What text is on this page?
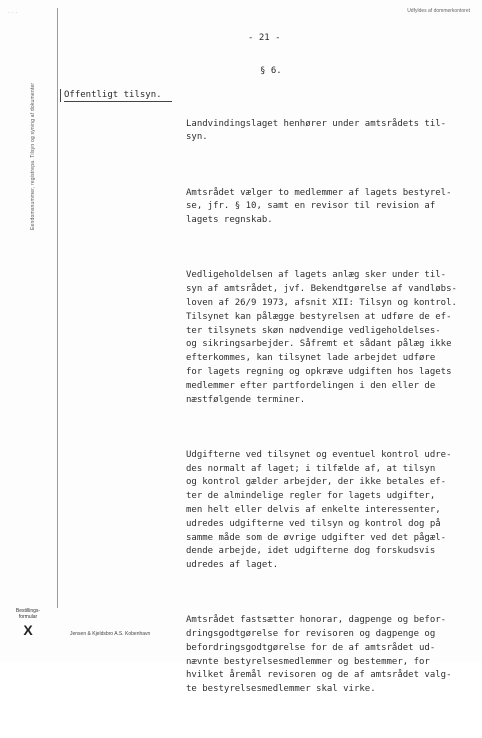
· · ·	Udfyldes af dommerkontoret
Eendomsnummer, registrepa. Tilsyn og syning af dokumenter
- 21 -
§ 6.
Offentligt tilsyn.

Landvindingslaget henhører under amtsrådets til-
syn.

Amtsrådet vælger to medlemmer af lagets bestyrel-
se, jfr. § 10, samt en revisor til revision af
lagets regnskab.

Vedligeholdelsen af lagets anlæg sker under til-
syn af amtsrådet, jvf. Bekendtgørelse af vandløbs-
loven af 26/9 1973, afsnit XII: Tilsyn og kontrol.
Tilsynet kan pålægge bestyrelsen at udføre de ef-
ter tilsynets skøn nødvendige vedligeholdelses-
og sikringsarbejder. Såfremt et sådant pålæg ikke
efterkommes, kan tilsynet lade arbejdet udføre
for lagets regning og opkræve udgiften hos lagets
medlemmer efter partfordelingen i den eller de
næstfølgende terminer.

Udgifterne ved tilsynet og eventuel kontrol udre-
des normalt af laget; i tilfælde af, at tilsyn
og kontrol gælder arbejder, der ikke betales ef-
ter de almindelige regler for lagets udgifter,
men helt eller delvis af enkelte interessenter,
udredes udgifterne ved tilsyn og kontrol dog på
samme måde som de øvrige udgifter ved det pågæl-
dende arbejde, idet udgifterne dog forskudsvis
udredes af laget.

Amtsrådet fastsætter honorar, dagpenge og befor-
dringsgodtgørelse for revisoren og dagpenge og
befordringsgodtgørelse for de af amtsrådet ud-
nævnte bestyrelsesmedlemmer og bestemmer, for
hvilket åremål revisoren og de af amtsrådet valg-
te bestyrelsesmedlemmer skal virke.

Bestillings-
formular
X	Jensen & Kjeldsbro A.S. Kobenhavn
